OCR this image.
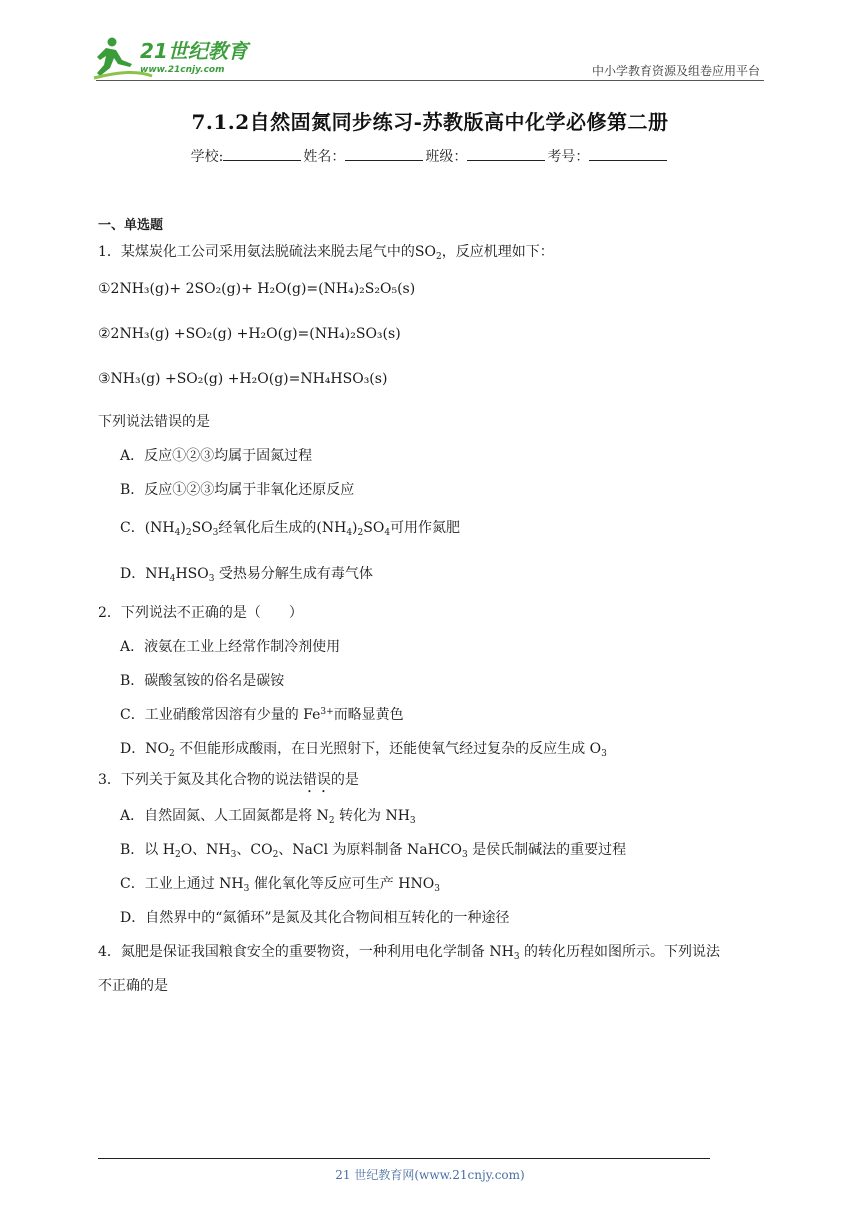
21世纪教育
www.21cnjy.com	中小学教育资源及组卷应用平台
7.1.2自然固氮同步练习-苏教版高中化学必修第二册
学校:	姓名：	班级：	考号：
一、单选题
1．某煤炭化工公司采用氨法脱硫法来脱去尾气中的$SO_2$，反应机理如下：
①2NH₃(g)+ 2SO₂(g)+ H₂O(g)=(NH₄)₂S₂O₅(s)
②2NH₃(g) +SO₂(g) +H₂O(g)=(NH₄)₂SO₃(s)
③NH₃(g) +SO₂(g) +H₂O(g)=NH₄HSO₃(s)
下列说法错误的是
A．反应①②③均属于固氮过程
B．反应①②③均属于非氧化还原反应
C．$(NH_4)_2SO_3$经氧化后生成的$(NH_4)_2SO_4$可用作氮肥
D．$NH_4HSO_3$ 受热易分解生成有毒气体
2．下列说法不正确的是（　　）
A．液氨在工业上经常作制冷剂使用
B．碳酸氢铵的俗名是碳铵
C．工业硝酸常因溶有少量的 $Fe^{3+}$而略显黄色
D．$NO_2$ 不但能形成酸雨，在日光照射下，还能使氧气经过复杂的反应生成 $O_3$
3．下列关于氮及其化合物的说法错误的是
A．自然固氮、人工固氮都是将 $N_2$ 转化为 $NH_3$
B．以 $H_2O$、$NH_3$、$CO_2$、NaCl 为原料制备 NaHCO$_3$ 是侯氏制碱法的重要过程
C．工业上通过 $NH_3$ 催化氧化等反应可生产 $HNO_3$
D．自然界中的“氮循环”是氮及其化合物间相互转化的一种途径
4．氮肥是保证我国粮食安全的重要物资，一种利用电化学制备 $NH_3$ 的转化历程如图所示。下列说法
不正确的是
21 世纪教育网(www.21cnjy.com)
